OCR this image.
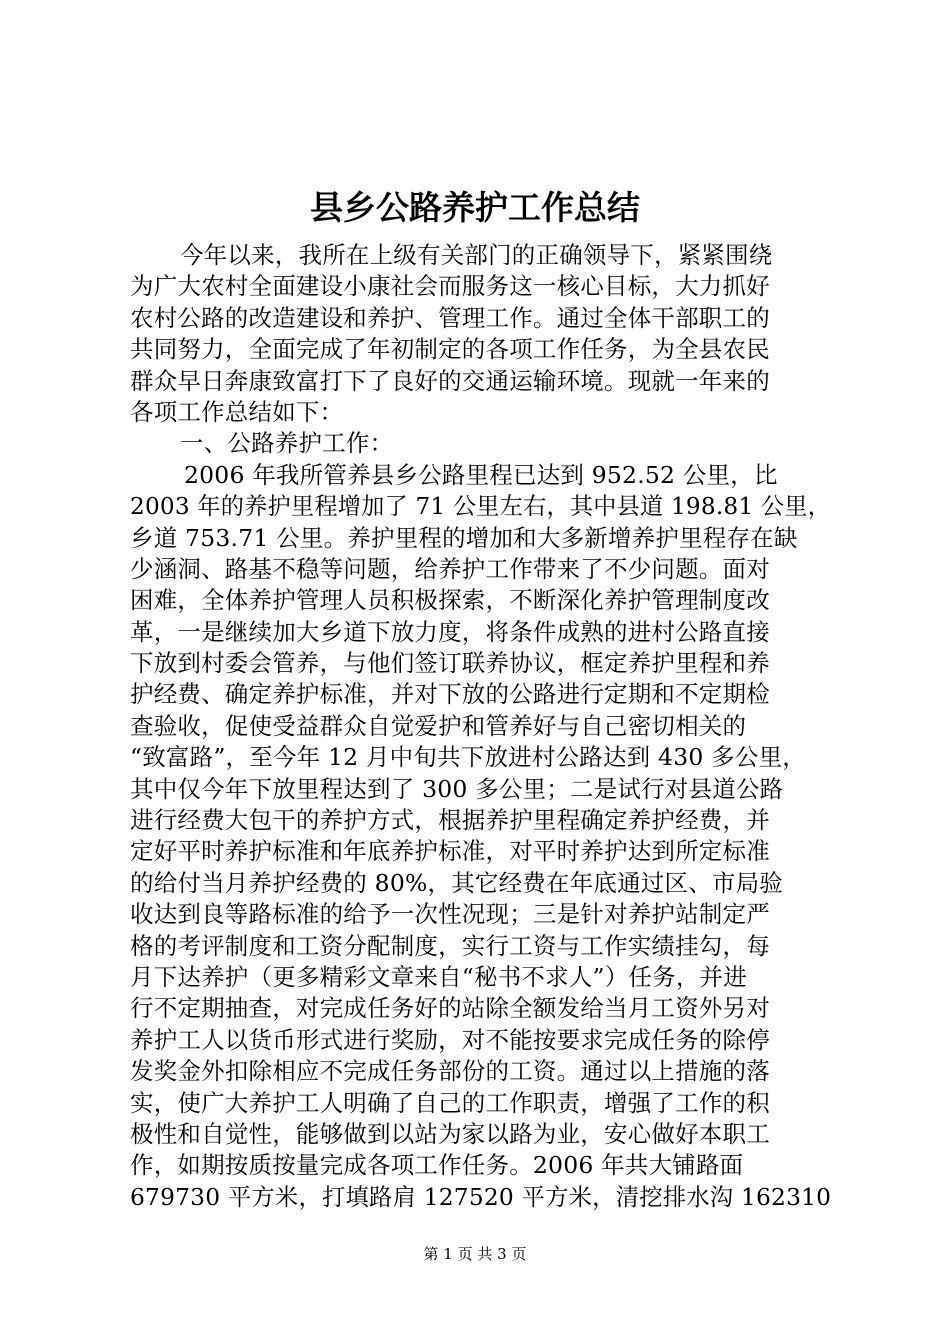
县乡公路养护工作总结
今年以来，我所在上级有关部门的正确领导下，紧紧围绕
为广大农村全面建设小康社会而服务这一核心目标，大力抓好
农村公路的改造建设和养护、管理工作。通过全体干部职工的
共同努力，全面完成了年初制定的各项工作任务，为全县农民
群众早日奔康致富打下了良好的交通运输环境。现就一年来的
各项工作总结如下：
一、公路养护工作：
2006 年我所管养县乡公路里程已达到 952.52 公里，比
2003 年的养护里程增加了 71 公里左右，其中县道 198.81 公里，
乡道 753.71 公里。养护里程的增加和大多新增养护里程存在缺
少涵洞、路基不稳等问题，给养护工作带来了不少问题。面对
困难，全体养护管理人员积极探索，不断深化养护管理制度改
革，一是继续加大乡道下放力度，将条件成熟的进村公路直接
下放到村委会管养，与他们签订联养协议，框定养护里程和养
护经费、确定养护标准，并对下放的公路进行定期和不定期检
查验收，促使受益群众自觉爱护和管养好与自己密切相关的
“致富路”，至今年 12 月中旬共下放进村公路达到 430 多公里，
其中仅今年下放里程达到了 300 多公里；二是试行对县道公路
进行经费大包干的养护方式，根据养护里程确定养护经费，并
定好平时养护标准和年底养护标准，对平时养护达到所定标准
的给付当月养护经费的 80%，其它经费在年底通过区、市局验
收达到良等路标准的给予一次性况现；三是针对养护站制定严
格的考评制度和工资分配制度，实行工资与工作实绩挂勾，每
月下达养护（更多精彩文章来自“秘书不求人”）任务，并进
行不定期抽查，对完成任务好的站除全额发给当月工资外另对
养护工人以货币形式进行奖励，对不能按要求完成任务的除停
发奖金外扣除相应不完成任务部份的工资。通过以上措施的落
实，使广大养护工人明确了自己的工作职责，增强了工作的积
极性和自觉性，能够做到以站为家以路为业，安心做好本职工
作，如期按质按量完成各项工作任务。2006 年共大铺路面
679730 平方米，打填路肩 127520 平方米，清挖排水沟 162310
第 1 页 共 3 页
